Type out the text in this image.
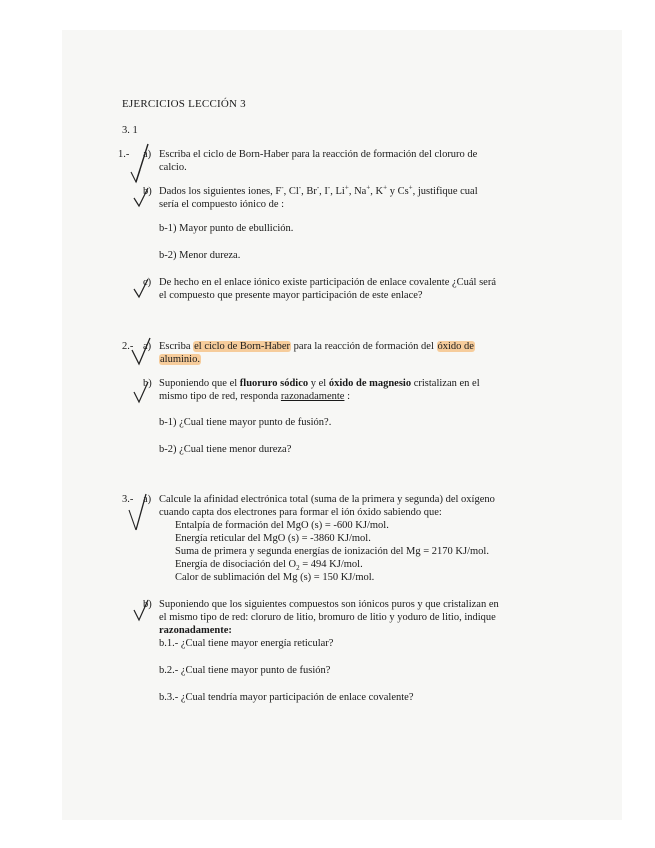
EJERCICIOS LECCIÓN 3
3. 1
1.- a) Escriba el ciclo de Born-Haber para la reacción de formación del cloruro de
calcio.
b) Dados los siguientes iones, F-, Cl-, Br-, I-, Li+, Na+, K+ y Cs+, justifique cual
sería el compuesto iónico de :
b-1) Mayor punto de ebullición.
b-2) Menor dureza.
c) De hecho en el enlace iónico existe participación de enlace covalente ¿Cuál será
el compuesto que presente mayor participación de este enlace?
2.- a) Escriba el ciclo de Born-Haber para la reacción de formación del óxido de
aluminio.
b) Suponiendo que el fluoruro sódico y el óxido de magnesio cristalizan en el
mismo tipo de red, responda razonadamente :
b-1) ¿Cual tiene mayor punto de fusión?.
b-2) ¿Cual tiene menor dureza?
3.- a) Calcule la afinidad electrónica total (suma de la primera y segunda) del oxígeno
cuando capta dos electrones para formar el ión óxido sabiendo que:
Entalpía de formación del MgO (s) = -600 KJ/mol.
Energía reticular del MgO (s) = -3860 KJ/mol.
Suma de primera y segunda energías de ionización del Mg = 2170 KJ/mol.
Energía de disociación del $O_2 = 494$ KJ/mol.
Calor de sublimación del Mg (s) = 150 KJ/mol.
b) Suponiendo que los siguientes compuestos son iónicos puros y que cristalizan en
el mismo tipo de red: cloruro de litio, bromuro de litio y yoduro de litio, indique
razonadamente:
b.1.- ¿Cual tiene mayor energía reticular?
b.2.- ¿Cual tiene mayor punto de fusión?
b.3.- ¿Cual tendría mayor participación de enlace covalente?
